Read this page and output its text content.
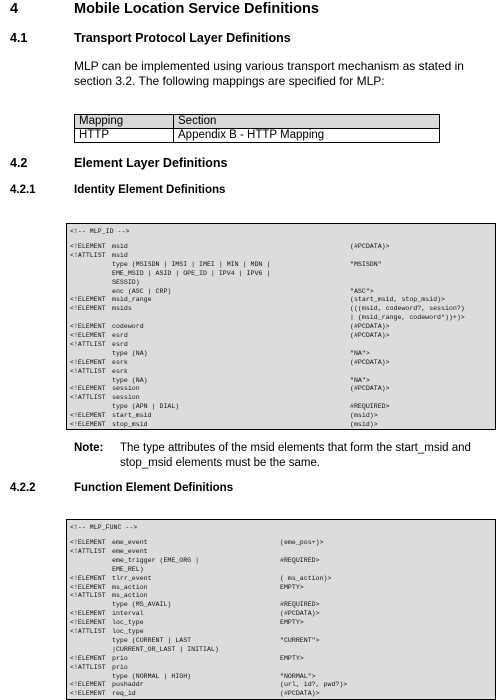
4	Mobile Location Service Definitions
4.1	Transport Protocol Layer Definitions
MLP can be implemented using various transport mechanism as stated in
section 3.2. The following mappings are specified for MLP:
Mapping	Section
HTTP	Appendix B - HTTP Mapping
4.2	Element Layer Definitions
4.2.1	Identity Element Definitions
<!-- MLP_ID -->
<!ELEMENT msid	(#PCDATA)>
<!ATTLIST msid
type (MSISDN | IMSI | IMEI | MIN | MDN |	"MSISDN"
EME_MSID | ASID | OPE_ID | IPV4 | IPV6 |
SESSID)
enc (ASC | CRP)	"ASC">
<!ELEMENT msid_range	(start_msid, stop_msid)>
<!ELEMENT msids	(((msid, codeword?, session?)
| (msid_range, codeword*))+)>
<!ELEMENT codeword	(#PCDATA)>
<!ELEMENT esrd	(#PCDATA)>
<!ATTLIST esrd
type (NA)	"NA">
<!ELEMENT esrk	(#PCDATA)>
<!ATTLIST esrk
type (NA)	"NA">
<!ELEMENT session	(#PCDATA)>
<!ATTLIST session
type (APN | DIAL)	#REQUIRED>
<!ELEMENT start_msid	(msid)>
<!ELEMENT stop_msid	(msid)>
Note: The type attributes of the msid elements that form the start_msid and
stop_msid elements must be the same.
4.2.2	Function Element Definitions
<!-- MLP_FUNC -->
<!ELEMENT eme_event	(eme_pos+)>
<!ATTLIST eme_event
eme_trigger (EME_ORG |	#REQUIRED>
EME_REL)
<!ELEMENT tlrr_event	( ms_action)>
<!ELEMENT ms_action	EMPTY>
<!ATTLIST ms_action
type (MS_AVAIL)	#REQUIRED>
<!ELEMENT interval	(#PCDATA)>
<!ELEMENT loc_type	EMPTY>
<!ATTLIST loc_type
type (CURRENT | LAST	"CURRENT">
|CURRENT_OR_LAST | INITIAL)
<!ELEMENT prio	EMPTY>
<!ATTLIST prio
type (NORMAL | HIGH)	"NORMAL">
<!ELEMENT pushaddr	(url, id?, pwd?)>
<!ELEMENT req_id	(#PCDATA)>
